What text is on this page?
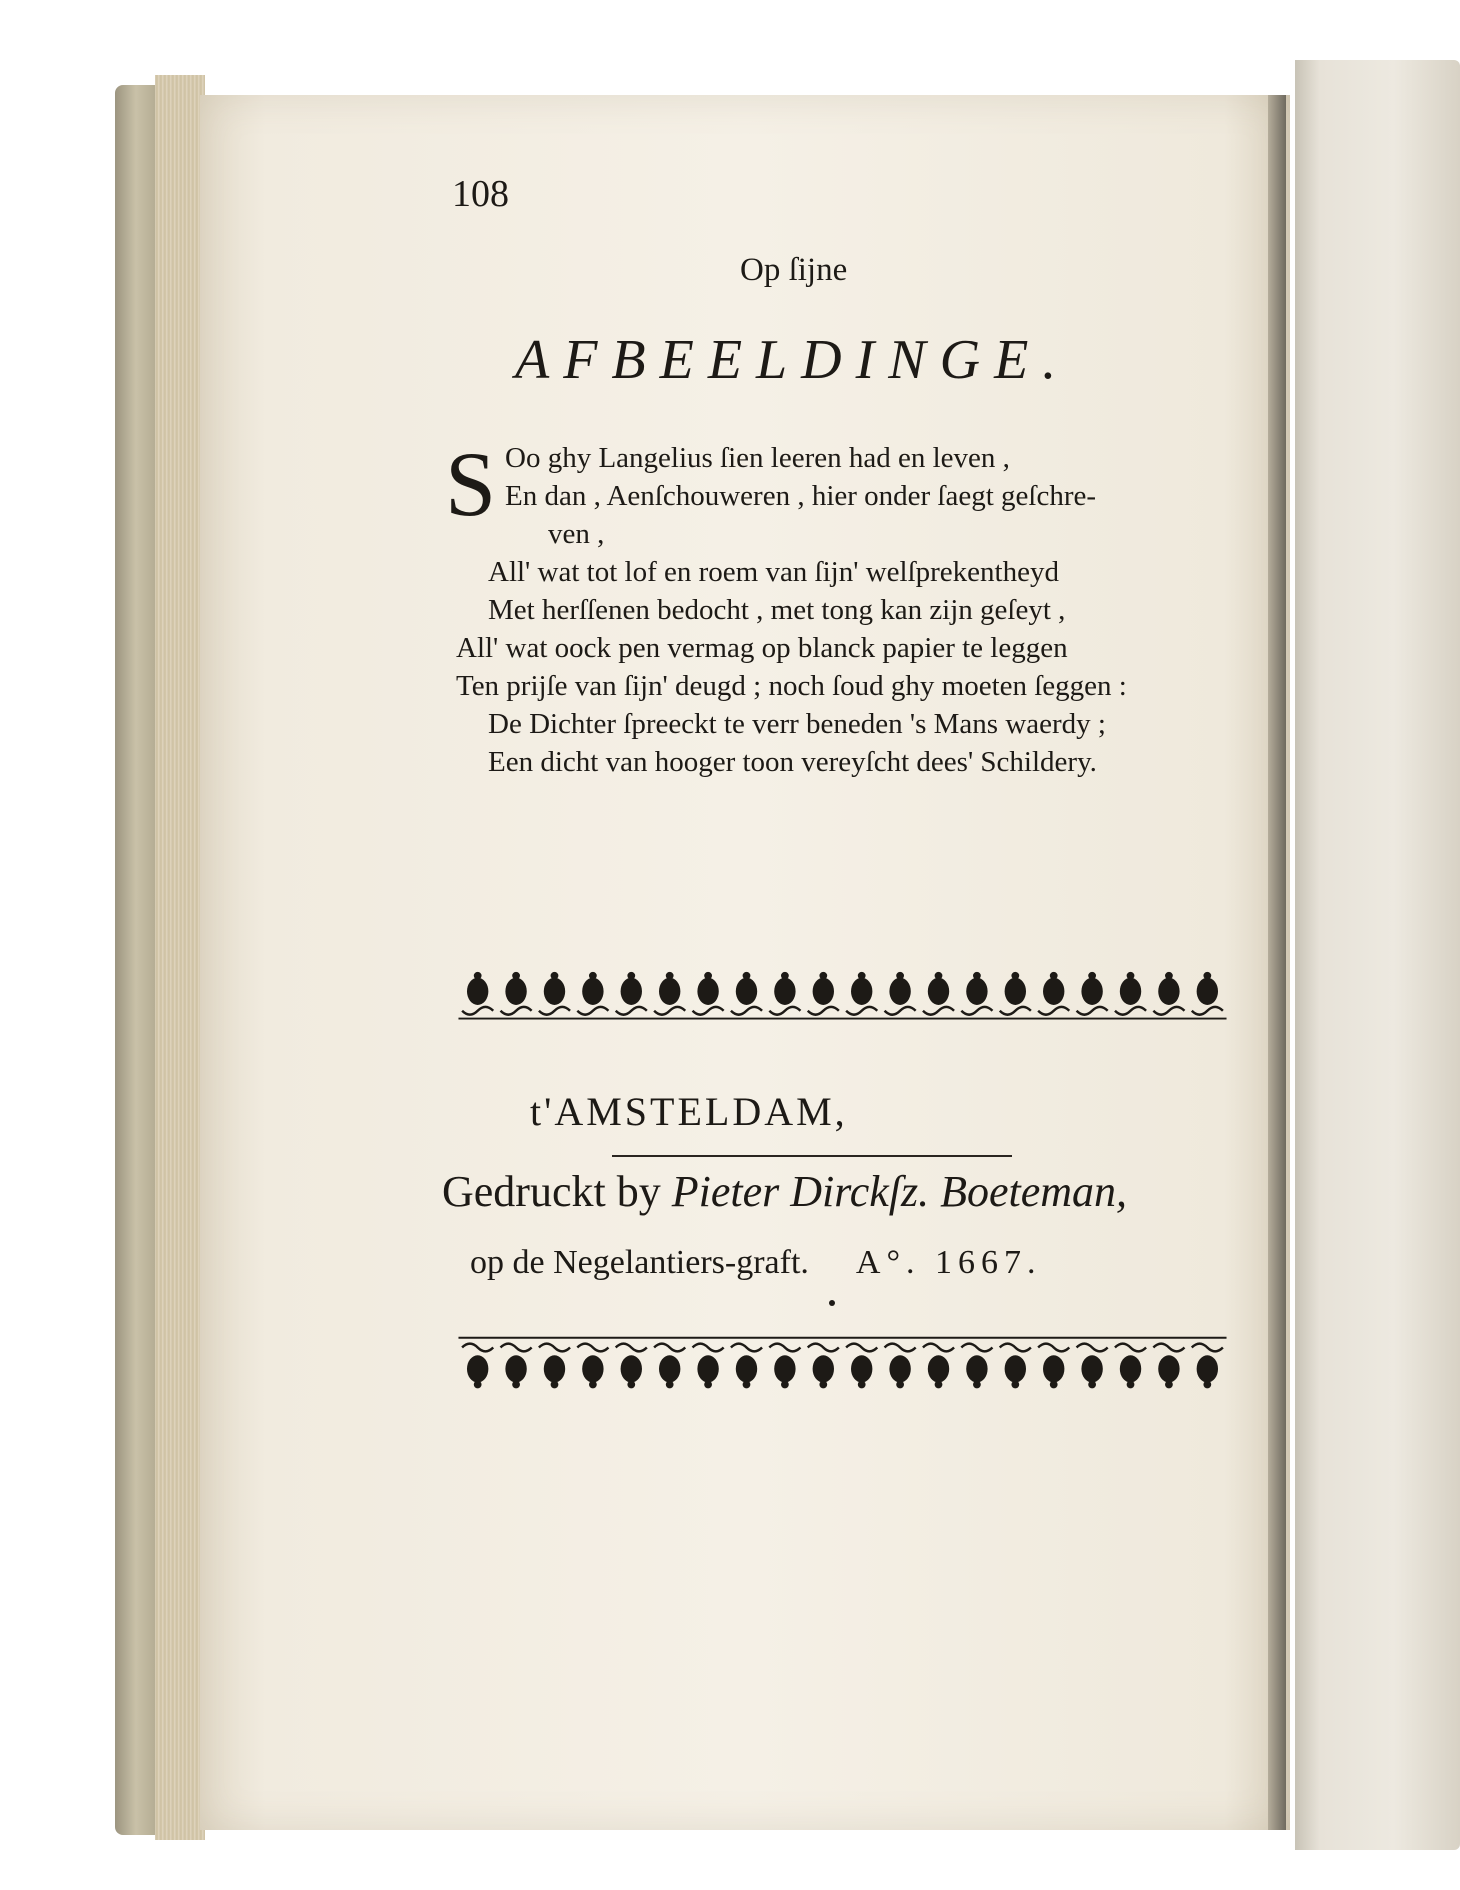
108
Op ſijne
AFBEELDINGE.
S Oo ghy Langelius ſien leeren had en leven ,
En dan , Aenſchouweren , hier onder ſaegt geſchre-
ven ,
All' wat tot lof en roem van ſijn' welſprekentheyd
Met herſſenen bedocht , met tong kan zijn geſeyt ,
All' wat oock pen vermag op blanck papier te leggen
Ten prijſe van ſijn' deugd ; noch ſoud ghy moeten ſeggen :
De Dichter ſpreeckt te verr beneden 's Mans waerdy ;
Een dicht van hooger toon vereyſcht dees' Schildery.
t'AMSTELDAM,
Gedruckt by Pieter Dirckſz. Boeteman,
op de Negelantiers-graft. A°. 1667.
